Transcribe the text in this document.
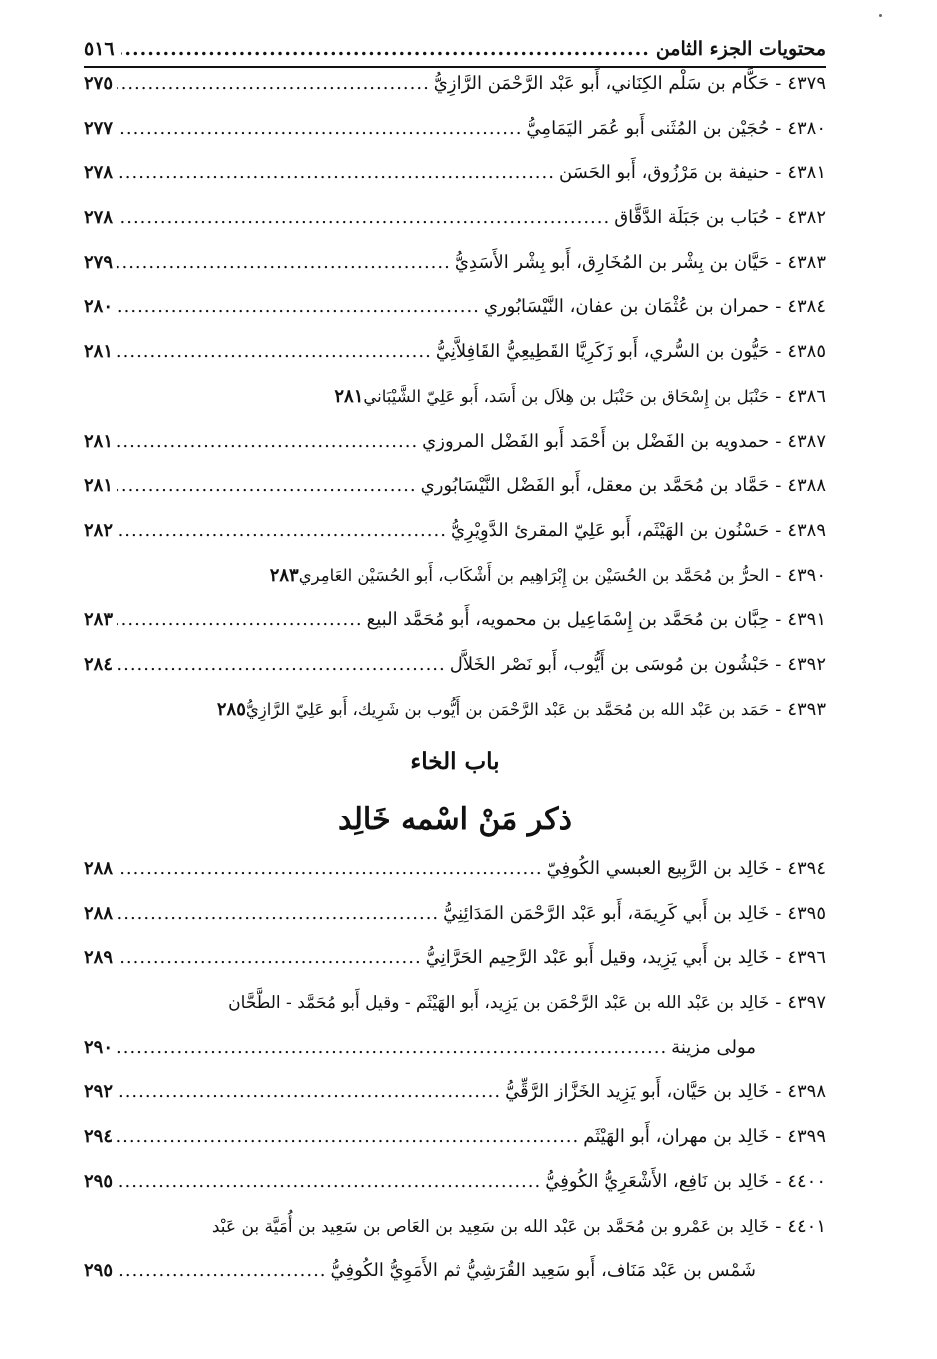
محتويات الجزء الثامن
.....
٥١٦
٤٣٧٩
-
حَكَّام بن سَلْم الكِنَاني، أَبو عَبْد الرَّحْمَن الرَّازِيُّ
.....
٢٧٥
٤٣٨٠
-
حُجَيْن بن المُثَنى أَبو عُمَر اليَمَامِيُّ
.....
٢٧٧
٤٣٨١
-
حنيفة بن مَرْزُوق، أَبو الحَسَن
.....
٢٧٨
٤٣٨٢
-
حُبَاب بن جَبَلَة الدَّقَّاق
.....
٢٧٨
٤٣٨٣
-
حَيَّان بن بِشْر بن المُخَارِق، أَبو بِشْر الأَسَدِيُّ
.....
٢٧٩
٤٣٨٤
-
حمران بن عُثْمَان بن عفان، النَّيْسَابُوري
.....
٢٨٠
٤٣٨٥
-
حَيُّون بن السُّري، أَبو زَكَرِيَّا القَطِيعِيُّ القَافِلاَّنِيُّ
.....
٢٨١
٤٣٨٦
-
حَنْبَل بن إِسْحَاق بن حَنْبَل بن هِلاَل بن أَسَد، أَبو عَلِيّ الشَّيْبَاني
٢٨١
٤٣٨٧
-
حمدويه بن الفَضْل بن أَحْمَد أَبو الفَضْل المروزي
.....
٢٨١
٤٣٨٨
-
حَمَّاد بن مُحَمَّد بن معقل، أَبو الفَضْل النَّيْسَابُوري
.....
٢٨١
٤٣٨٩
-
حَسْنُون بن الهَيْثَم، أَبو عَلِيّ المقرئ الدَّوِيْرِيُّ
.....
٢٨٢
٤٣٩٠
-
الحرُّ بن مُحَمَّد بن الحُسَيْن بن إِبْرَاهِيم بن أَشْكَاب، أَبو الحُسَيْن العَامِري
٢٨٣
٤٣٩١
-
حِبَّان بن مُحَمَّد بن إِسْمَاعِيل بن محمويه، أَبو مُحَمَّد البيع
.....
٢٨٣
٤٣٩٢
-
حَبْشُون بن مُوسَى بن أَيُّوب، أَبو نَصْر الخَلاَّل
.....
٢٨٤
٤٣٩٣
-
حَمَد بن عَبْد الله بن مُحَمَّد بن عَبْد الرَّحْمَن بن أَيُّوب بن شَرِيك، أَبو عَلِيّ الرَّازِيُّ
٢٨٥
باب الخاء
ذكر مَنْ اسْمه خَالِد
٤٣٩٤
-
خَالِد بن الرَّبِيع العبسي الكُوفِيّ
.....
٢٨٨
٤٣٩٥
-
خَالِد بن أَبي كَرِيمَة، أَبو عَبْد الرَّحْمَن المَدَائِنِيُّ
.....
٢٨٨
٤٣٩٦
-
خَالِد بن أَبي يَزِيد، وقيل أَبو عَبْد الرَّحِيم الحَرَّانِيُّ
.....
٢٨٩
٤٣٩٧
-
خَالِد بن عَبْد الله بن عَبْد الرَّحْمَن بن يَزِيد، أَبو الهَيْثَم - وقيل أَبو مُحَمَّد - الطَّحَّان
مولى مزينة
.....
٢٩٠
٤٣٩٨
-
خَالِد بن حَيَّان، أَبو يَزِيد الخَزَّاز الرَّقِّيُّ
.....
٢٩٢
٤٣٩٩
-
خَالِد بن مهران، أَبو الهَيْثَم
.....
٢٩٤
٤٤٠٠
-
خَالِد بن نَافِع، الأَشْعَرِيُّ الكُوفِيُّ
.....
٢٩٥
٤٤٠١
-
خَالِد بن عَمْرو بن مُحَمَّد بن عَبْد الله بن سَعِيد بن العَاص بن سَعِيد بن أُمَيَّة بن عَبْد
شَمْس بن عَبْد مَنَاف، أَبو سَعِيد القُرَشِيُّ ثم الأَمَوِيُّ الكُوفِيُّ
.....
٢٩٥
